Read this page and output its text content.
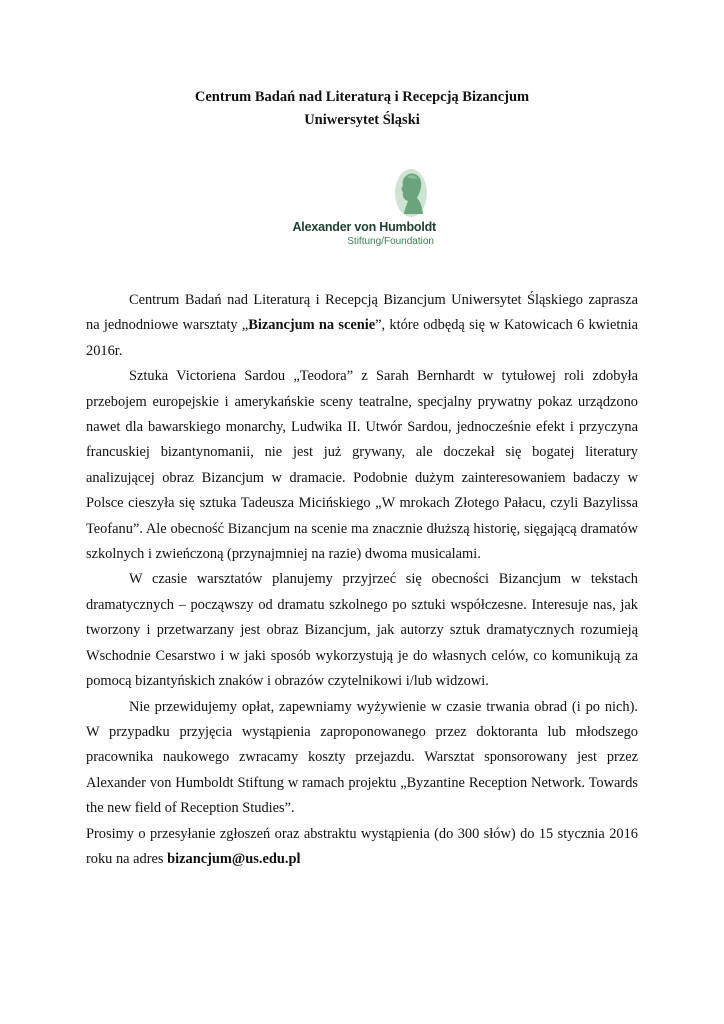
Centrum Badań nad Literaturą i Recepcją Bizancjum
Uniwersytet Śląski
Alexander von Humboldt
Stiftung/Foundation

Centrum Badań nad Literaturą i Recepcją Bizancjum Uniwersytet Śląskiego zaprasza na jednodniowe warsztaty „Bizancjum na scenie”, które odbędą się w Katowicach 6 kwietnia 2016r.

Sztuka Victoriena Sardou „Teodora” z Sarah Bernhardt w tytułowej roli zdobyła przebojem europejskie i amerykańskie sceny teatralne, specjalny prywatny pokaz urządzono nawet dla bawarskiego monarchy, Ludwika II. Utwór Sardou, jednocześnie efekt i przyczyna francuskiej bizantynomanii, nie jest już grywany, ale doczekał się bogatej literatury analizującej obraz Bizancjum w dramacie. Podobnie dużym zainteresowaniem badaczy w Polsce cieszyła się sztuka Tadeusza Micińskiego „W mrokach Złotego Pałacu, czyli Bazylissa Teofanu”. Ale obecność Bizancjum na scenie ma znacznie dłuższą historię, sięgającą dramatów szkolnych i zwieńczoną (przynajmniej na razie) dwoma musicalami.

W czasie warsztatów planujemy przyjrzeć się obecności Bizancjum w tekstach dramatycznych – począwszy od dramatu szkolnego po sztuki współczesne. Interesuje nas, jak tworzony i przetwarzany jest obraz Bizancjum, jak autorzy sztuk dramatycznych rozumieją Wschodnie Cesarstwo i w jaki sposób wykorzystują je do własnych celów, co komunikują za pomocą bizantyńskich znaków i obrazów czytelnikowi i/lub widzowi.

Nie przewidujemy opłat, zapewniamy wyżywienie w czasie trwania obrad (i po nich). W przypadku przyjęcia wystąpienia zaproponowanego przez doktoranta lub młodszego pracownika naukowego zwracamy koszty przejazdu. Warsztat sponsorowany jest przez Alexander von Humboldt Stiftung w ramach projektu „Byzantine Reception Network. Towards the new field of Reception Studies”.

Prosimy o przesyłanie zgłoszeń oraz abstraktu wystąpienia (do 300 słów) do 15 stycznia 2016 roku na adres bizancjum@us.edu.pl
